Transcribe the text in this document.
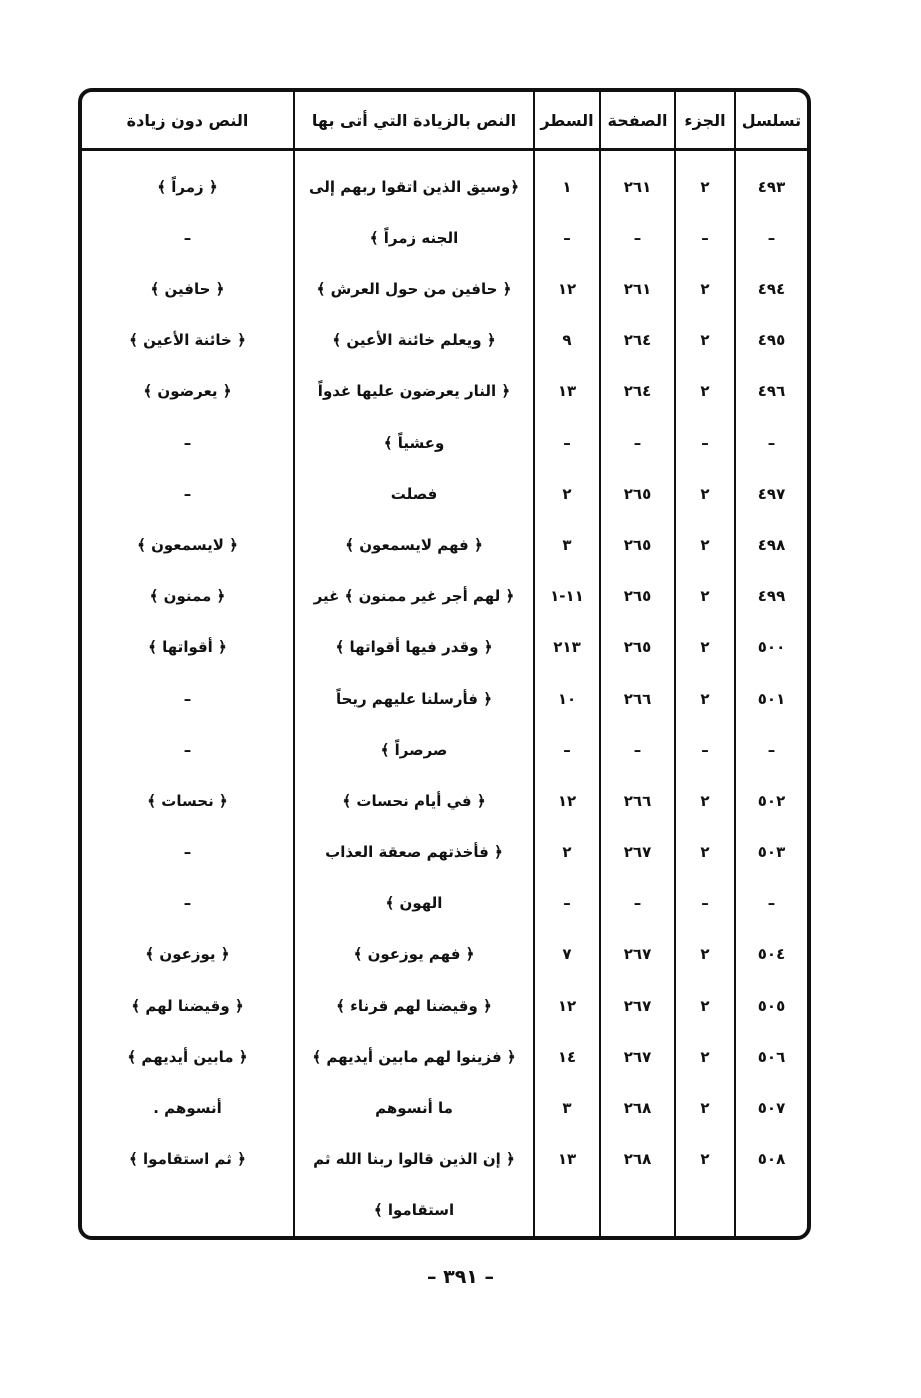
تسلسل	الجزء	الصفحة	السطر	النص بالزيادة التي أتى بها	النص دون زيادة
٤٩٣	٢	٢٦١	١	﴿وسيق الذين اتقوا ربهم إلى	﴿ زمراً ﴾
–	–	–	–	الجنه زمراً ﴾	–
٤٩٤	٢	٢٦١	١٢	﴿ حافين من حول العرش ﴾	﴿ حافين ﴾
٤٩٥	٢	٢٦٤	٩	﴿ ويعلم خائنة الأعين ﴾	﴿ خائنة الأعين ﴾
٤٩٦	٢	٢٦٤	١٣	﴿ النار يعرضون عليها غدواً	﴿ يعرضون ﴾
–	–	–	–	وعشياً ﴾	–
٤٩٧	٢	٢٦٥	٢	فصلت	–
٤٩٨	٢	٢٦٥	٣	﴿ فهم لايسمعون ﴾	﴿ لايسمعون ﴾
٤٩٩	٢	٢٦٥	١١-١	﴿ لهم أجر غير ممنون ﴾ غير	﴿ ممنون ﴾
٥٠٠	٢	٢٦٥	٢١٣	﴿ وقدر فيها أقواتها ﴾	﴿ أقواتها ﴾
٥٠١	٢	٢٦٦	١٠	﴿ فأرسلنا عليهم ريحاً	–
–	–	–	–	صرصراً ﴾	–
٥٠٢	٢	٢٦٦	١٢	﴿ في أيام نحسات ﴾	﴿ نحسات ﴾
٥٠٣	٢	٢٦٧	٢	﴿ فأخذتهم صعقة العذاب	–
–	–	–	–	الهون ﴾	–
٥٠٤	٢	٢٦٧	٧	﴿ فهم يوزعون ﴾	﴿ يوزعون ﴾
٥٠٥	٢	٢٦٧	١٢	﴿ وقيضنا لهم قرناء ﴾	﴿ وقيضنا لهم ﴾
٥٠٦	٢	٢٦٧	١٤	﴿ فزينوا لهم مابين أيديهم ﴾	﴿ مابين أيديهم ﴾
٥٠٧	٢	٢٦٨	٣	ما أنسوهم	أنسوهم .
٥٠٨	٢	٢٦٨	١٣	﴿ إن الذين قالوا ربنا الله ثم	﴿ ثم استقاموا ﴾
				استقاموا ﴾	
– ٣٩١ –
